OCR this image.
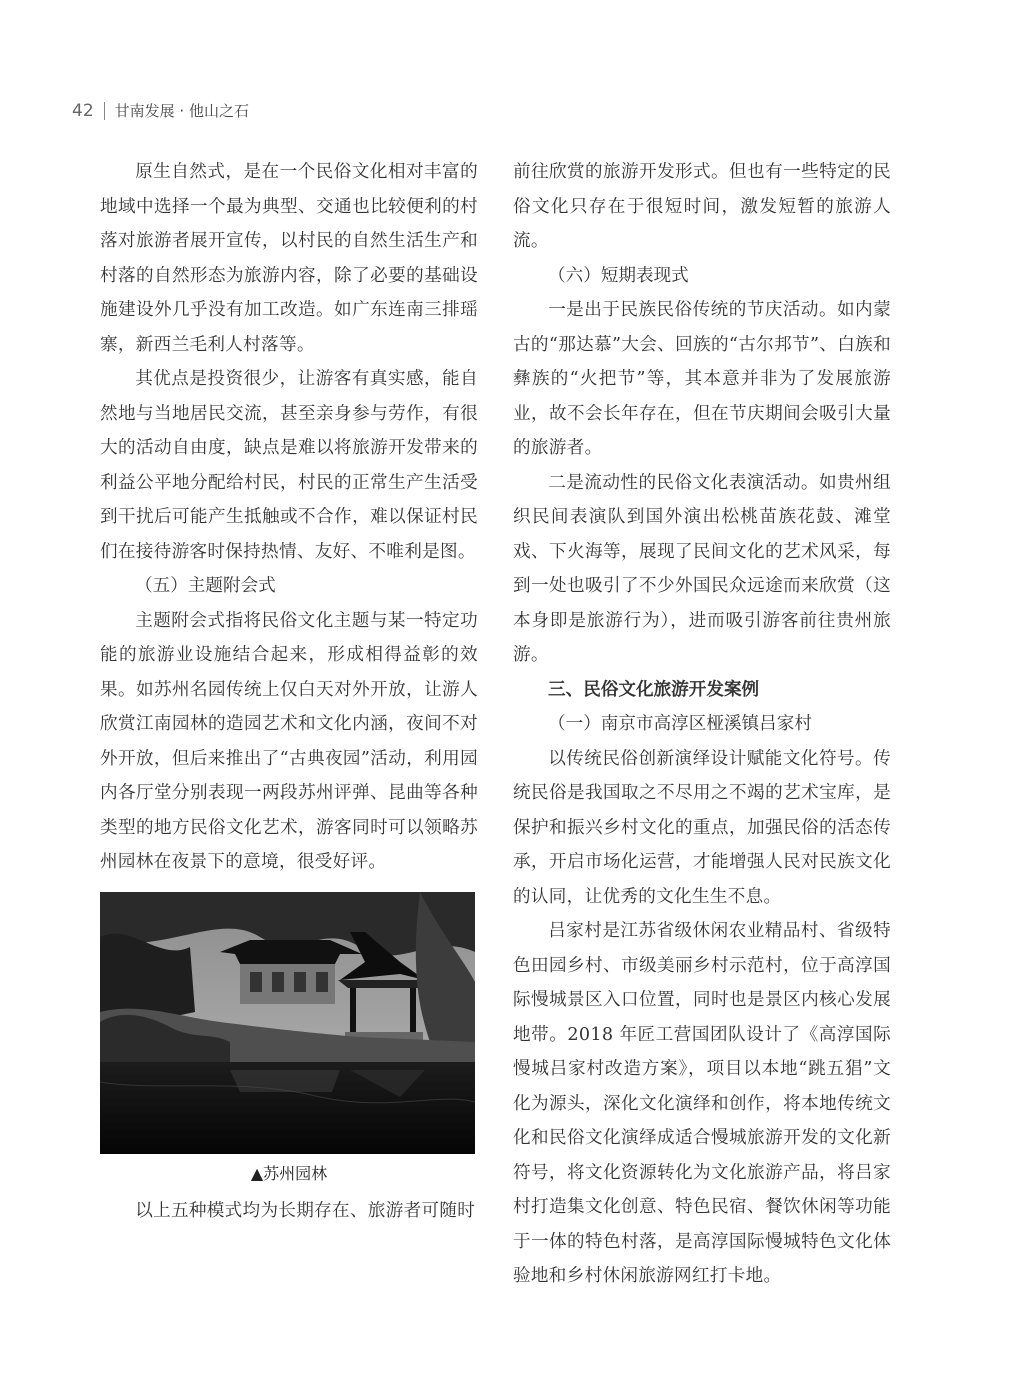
42 甘南发展 · 他山之石

原生自然式，是在一个民俗文化相对丰富的地域中选择一个最为典型、交通也比较便利的村落对旅游者展开宣传，以村民的自然生活生产和村落的自然形态为旅游内容，除了必要的基础设施建设外几乎没有加工改造。如广东连南三排瑶寨，新西兰毛利人村落等。

其优点是投资很少，让游客有真实感，能自然地与当地居民交流，甚至亲身参与劳作，有很大的活动自由度，缺点是难以将旅游开发带来的利益公平地分配给村民，村民的正常生产生活受到干扰后可能产生抵触或不合作，难以保证村民们在接待游客时保持热情、友好、不唯利是图。

（五）主题附会式

主题附会式指将民俗文化主题与某一特定功能的旅游业设施结合起来，形成相得益彰的效果。如苏州名园传统上仅白天对外开放，让游人欣赏江南园林的造园艺术和文化内涵，夜间不对外开放，但后来推出了“古典夜园”活动，利用园内各厅堂分别表现一两段苏州评弹、昆曲等各种类型的地方民俗文化艺术，游客同时可以领略苏州园林在夜景下的意境，很受好评。

▲苏州园林

以上五种模式均为长期存在、旅游者可随时

前往欣赏的旅游开发形式。但也有一些特定的民俗文化只存在于很短时间，激发短暂的旅游人流。

（六）短期表现式

一是出于民族民俗传统的节庆活动。如内蒙古的“那达慕”大会、回族的“古尔邦节”、白族和彝族的“火把节”等，其本意并非为了发展旅游业，故不会长年存在，但在节庆期间会吸引大量的旅游者。

二是流动性的民俗文化表演活动。如贵州组织民间表演队到国外演出松桃苗族花鼓、滩堂戏、下火海等，展现了民间文化的艺术风采，每到一处也吸引了不少外国民众远途而来欣赏（这本身即是旅游行为），进而吸引游客前往贵州旅游。

三、民俗文化旅游开发案例

（一）南京市高淳区桠溪镇吕家村

以传统民俗创新演绎设计赋能文化符号。传统民俗是我国取之不尽用之不竭的艺术宝库，是保护和振兴乡村文化的重点，加强民俗的活态传承，开启市场化运营，才能增强人民对民族文化的认同，让优秀的文化生生不息。

吕家村是江苏省级休闲农业精品村、省级特色田园乡村、市级美丽乡村示范村，位于高淳国际慢城景区入口位置，同时也是景区内核心发展地带。2018 年匠工营国团队设计了《高淳国际慢城吕家村改造方案》，项目以本地“跳五猖”文化为源头，深化文化演绎和创作，将本地传统文化和民俗文化演绎成适合慢城旅游开发的文化新符号，将文化资源转化为文化旅游产品，将吕家村打造集文化创意、特色民宿、餐饮休闲等功能于一体的特色村落，是高淳国际慢城特色文化体验地和乡村休闲旅游网红打卡地。
